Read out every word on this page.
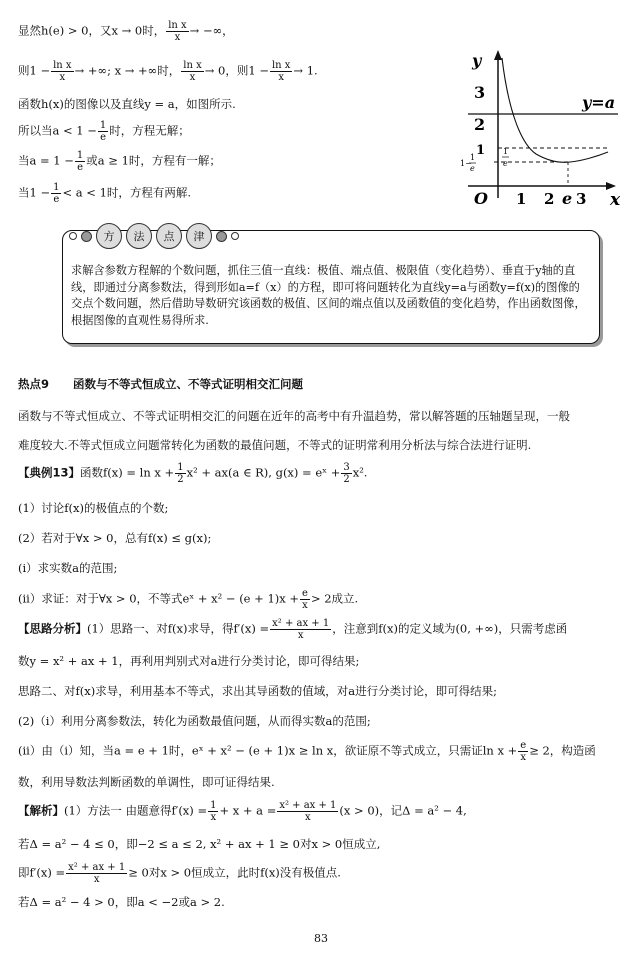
显然h(e) > 0，又x → 0时， $\frac{\text{ln x}}{x}$ → −∞，
则$1 - \frac{\text{ln x}}{x}$ → +∞; x → +∞时， $\frac{\text{ln x}}{x} \to 0$，则$1 - \frac{\text{ln x}}{x} \to 1$.
函数h(x)的图像以及直线y = a，如图所示.
所以当$a < 1 - \frac{1}{e}$ 时，方程无解；
当$a = 1 - \frac{1}{e}$ 或a ≥ 1时，方程有一解；
当$1 - \frac{1}{e} < a < 1$时，方程有两解.
y
x
O
y=a
3
2
1
1 2 e 3
1−
1
e
1
e
方	法	点	津
求解含参数方程解的个数问题，抓住三值一直线：极值、端点值、极限值（变化趋势）、垂直于y轴的直线，即通过分离参数法，得到形如a=f（x）的方程，即可将问题转化为直线y=a与函数y=f(x)的图像的交点个数问题，然后借助导数研究该函数的极值、区间的端点值以及函数值的变化趋势，作出函数图像，根据图像的直观性易得所求.
热点9 函数与不等式恒成立、不等式证明相交汇问题
函数与不等式恒成立、不等式证明相交汇的问题在近年的高考中有升温趋势，常以解答题的压轴题呈现，一般
难度较大.不等式恒成立问题常转化为函数的最值问题，不等式的证明常利用分析法与综合法进行证明.
【典例13】函数$f(x) = \ln x + \frac{1}{2} x^2 + ax(a$ ∈ R), g(x) = eˣ + $\frac{3}{2} x^2$.
(1）讨论f(x)的极值点的个数;
(2）若对于∀x > 0，总有f(x) ≤ g(x);
(i）求实数a的范围;
(ii）求证：对于∀x > 0，不等式eˣ + $x^2 - (e + 1)x + \frac{e}{x} > 2$成立.
【思路分析】(1）思路一、对f(x)求导，得$f'(x) = \frac{\text{x² + ax + 1}}{x}$ ，注意到f(x)的定义域为(0, +∞)，只需考虑函
数y = x² + ax + 1，再利用判别式对a进行分类讨论，即可得结果;
思路二、对f(x)求导，利用基本不等式，求出其导函数的值域，对a进行分类讨论，即可得结果;
(2)（i）利用分离参数法，转化为函数最值问题，从而得实数a的范围;
(ii）由（i）知，当a = e + 1时，eˣ + x² − (e + 1)x ≥ ln x，欲证原不等式成立，只需证$\ln x + \frac{e}{x} \ge 2$，构造函
数，利用导数法判断函数的单调性，即可证得结果.
【解析】(1）方法一 由题意得$f'(x) = \frac{1}{x} + x + a = \frac{\text{x² + ax + 1}}{x} (x > 0)$，记Δ = a² − 4,
若Δ = a² − 4 ≤ 0，即−2 ≤ a ≤ 2, x² + ax + 1 ≥ 0对x > 0恒成立,
即$f'(x) = \frac{\text{x² + ax + 1}}{x} \ge 0$对x > 0恒成立，此时f(x)没有极值点.
若Δ = a² − 4 > 0，即a < −2或a > 2.
83
